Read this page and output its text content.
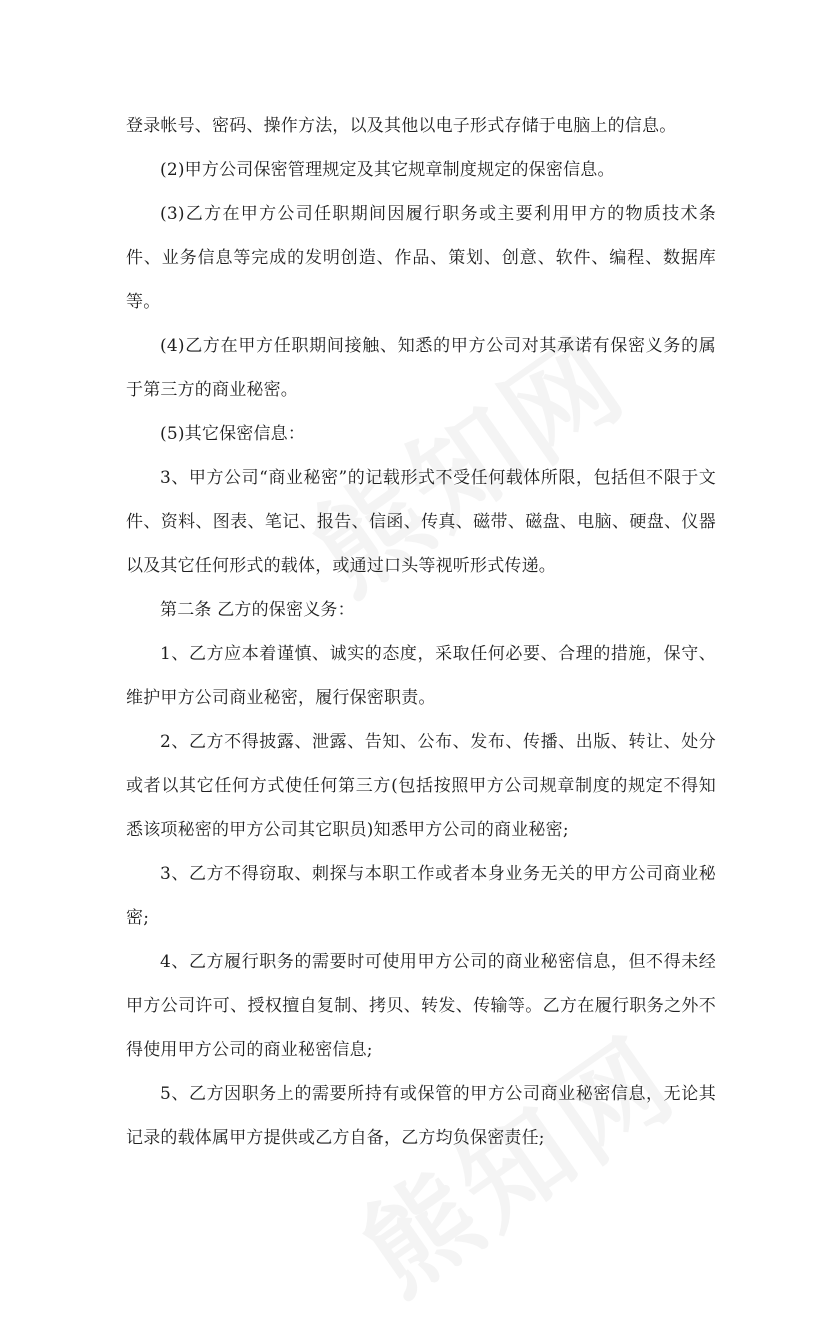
登录帐号、密码、操作方法，以及其他以电子形式存储于电脑上的信息。

(2)甲方公司保密管理规定及其它规章制度规定的保密信息。

(3)乙方在甲方公司任职期间因履行职务或主要利用甲方的物质技术条件、业务信息等完成的发明创造、作品、策划、创意、软件、编程、数据库等。

(4)乙方在甲方任职期间接触、知悉的甲方公司对其承诺有保密义务的属于第三方的商业秘密。

(5)其它保密信息：

3、甲方公司“商业秘密”的记载形式不受任何载体所限，包括但不限于文件、资料、图表、笔记、报告、信函、传真、磁带、磁盘、电脑、硬盘、仪器以及其它任何形式的载体，或通过口头等视听形式传递。

第二条 乙方的保密义务：

1、乙方应本着谨慎、诚实的态度，采取任何必要、合理的措施，保守、维护甲方公司商业秘密，履行保密职责。

2、乙方不得披露、泄露、告知、公布、发布、传播、出版、转让、处分或者以其它任何方式使任何第三方(包括按照甲方公司规章制度的规定不得知悉该项秘密的甲方公司其它职员)知悉甲方公司的商业秘密;

3、乙方不得窃取、刺探与本职工作或者本身业务无关的甲方公司商业秘密;

4、乙方履行职务的需要时可使用甲方公司的商业秘密信息，但不得未经甲方公司许可、授权擅自复制、拷贝、转发、传输等。乙方在履行职务之外不得使用甲方公司的商业秘密信息;

5、乙方因职务上的需要所持有或保管的甲方公司商业秘密信息，无论其记录的载体属甲方提供或乙方自备，乙方均负保密责任;
